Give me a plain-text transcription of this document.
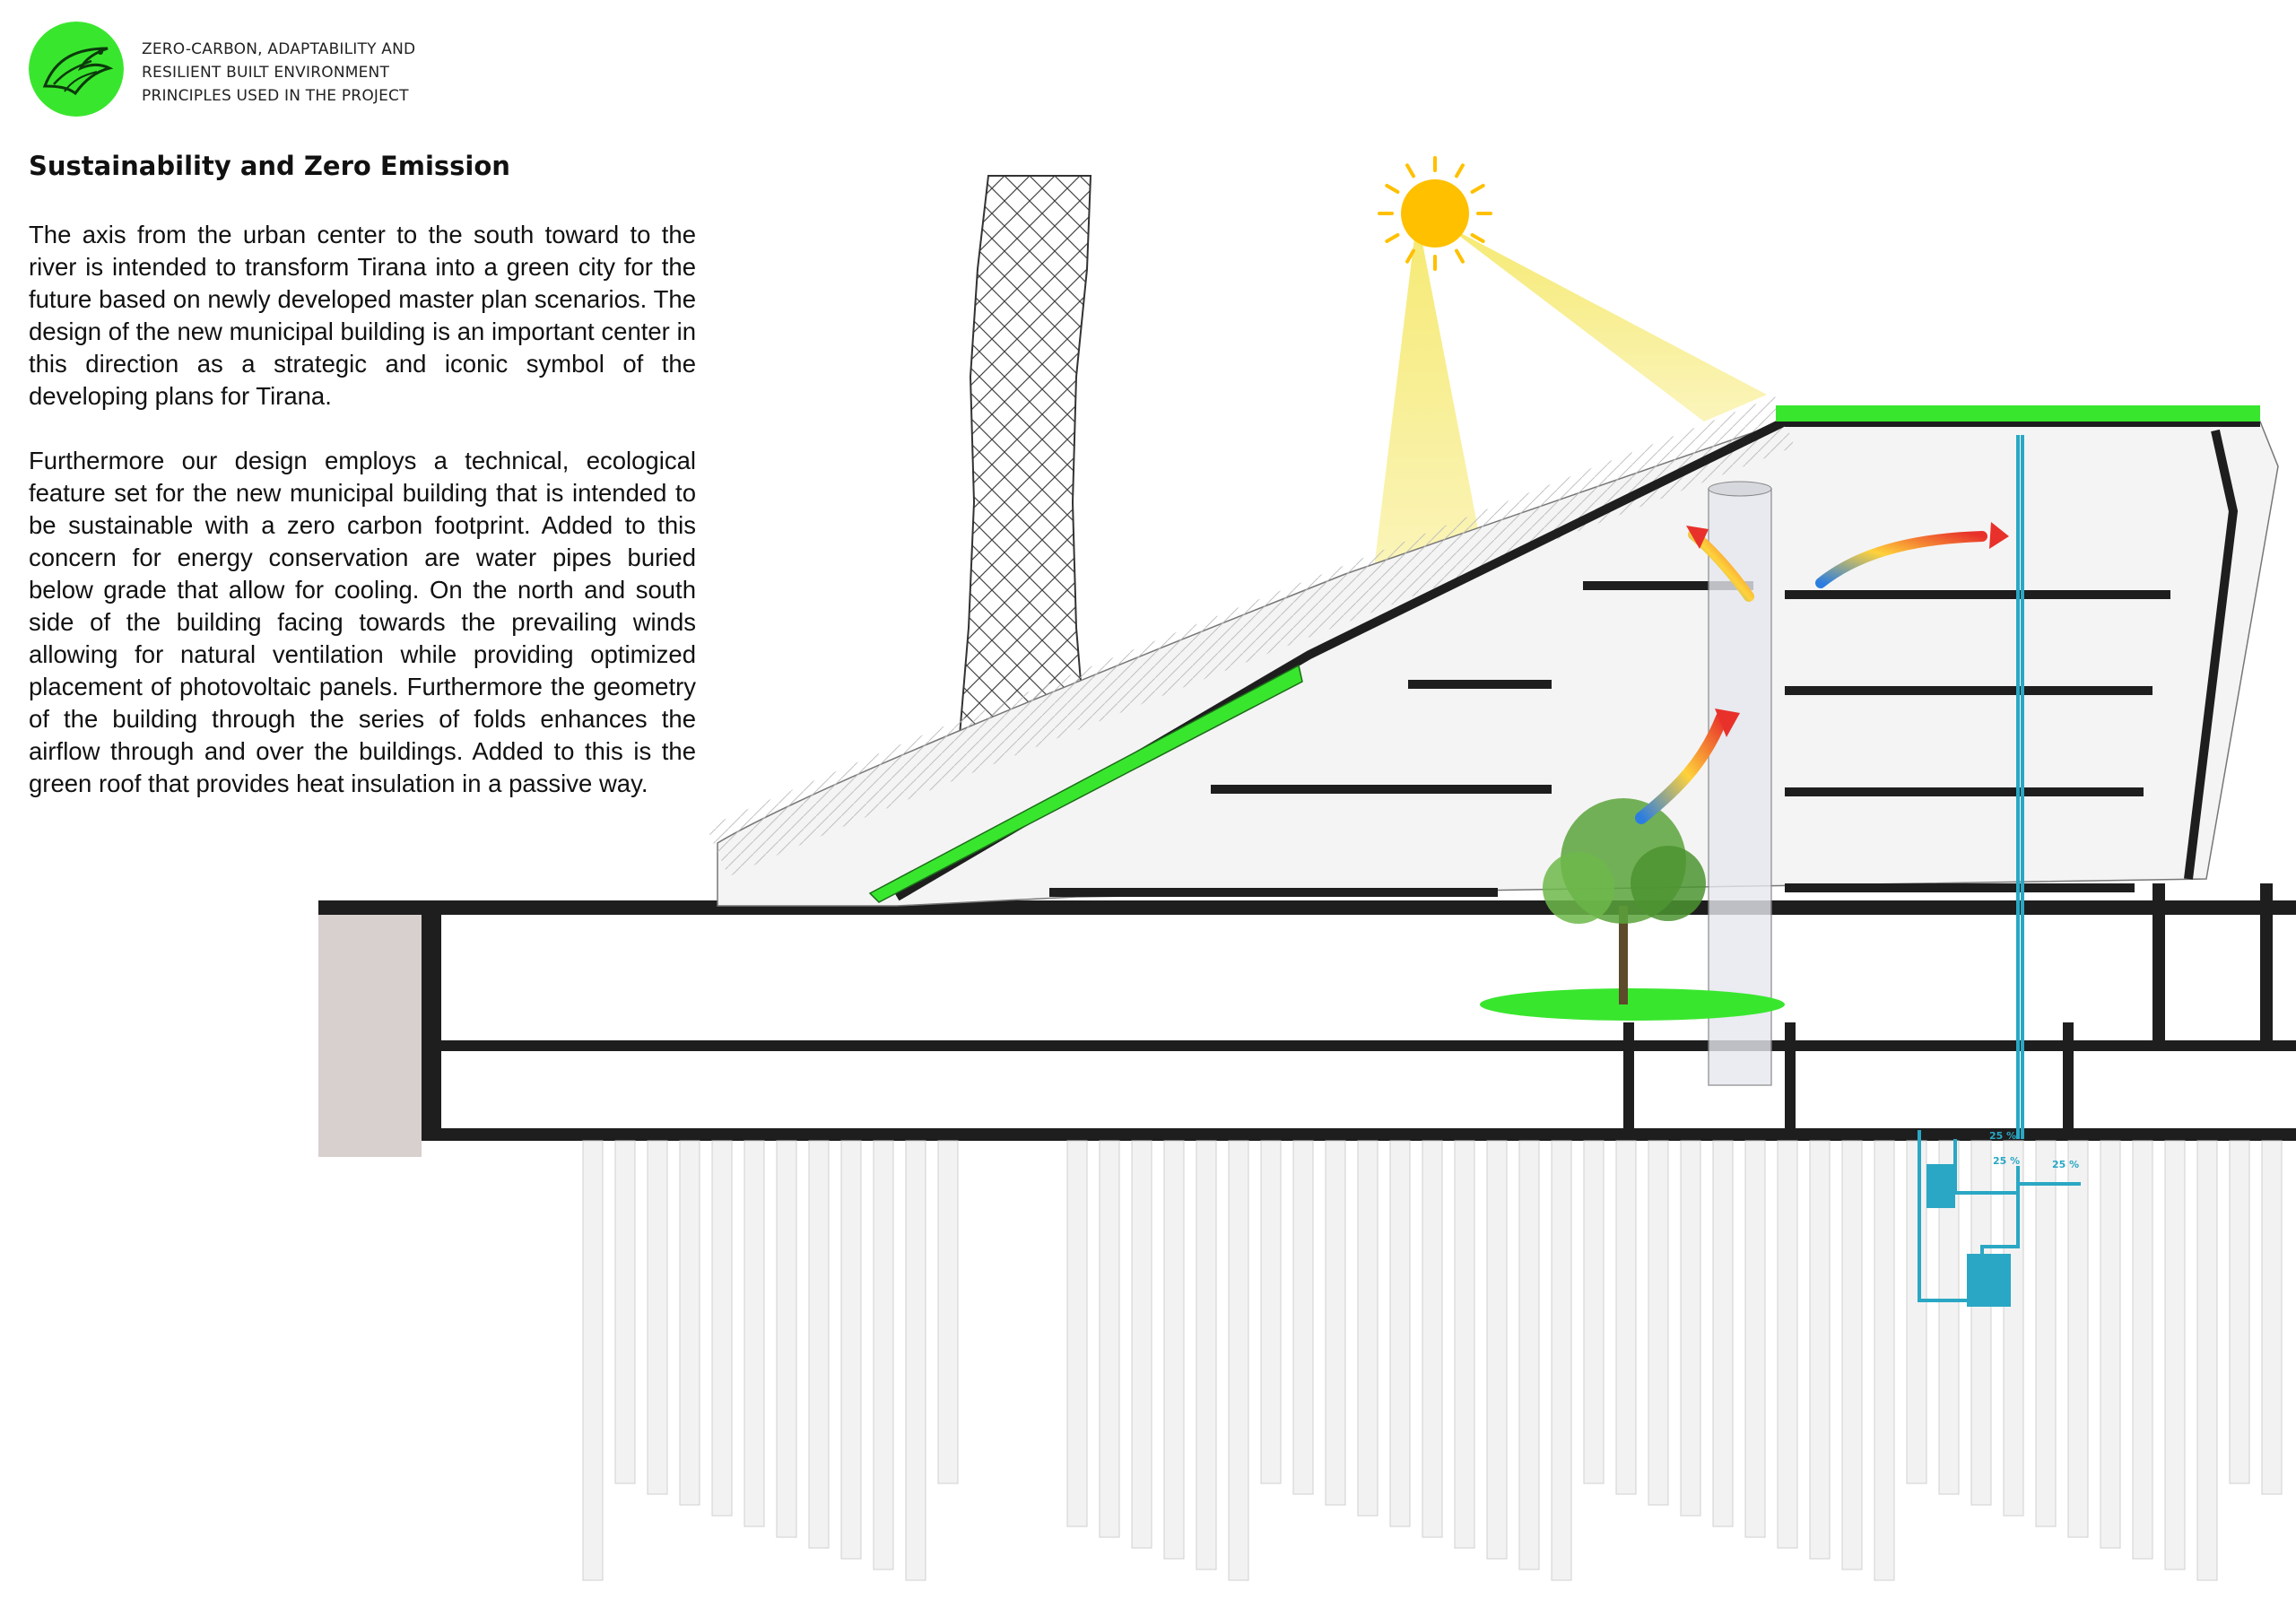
ZERO-CARBON, ADAPTABILITY AND
RESILIENT BUILT ENVIRONMENT
PRINCIPLES USED IN THE PROJECT
Sustainability and Zero Emission

The axis from the urban center to the south toward to the river is intended to transform Tirana into a green city for the future based on newly developed master plan scenarios. The design of the new municipal building is an important center in this direction as a strategic and iconic symbol of the developing plans for Tirana.

Furthermore our design employs a technical, ecological feature set for the new municipal building that is intended to be sustainable with a zero carbon footprint. Added to this concern for energy conservation are water pipes buried below grade that allow for cooling. On the north and south side of the building facing towards the prevailing winds allowing for natural ventilation while providing optimized placement of photovoltaic panels. Furthermore the geometry of the building through the series of folds enhances the airflow through and over the buildings. Added to this is the green roof that provides heat insulation in a passive way.

25 %
25 %	25 %
